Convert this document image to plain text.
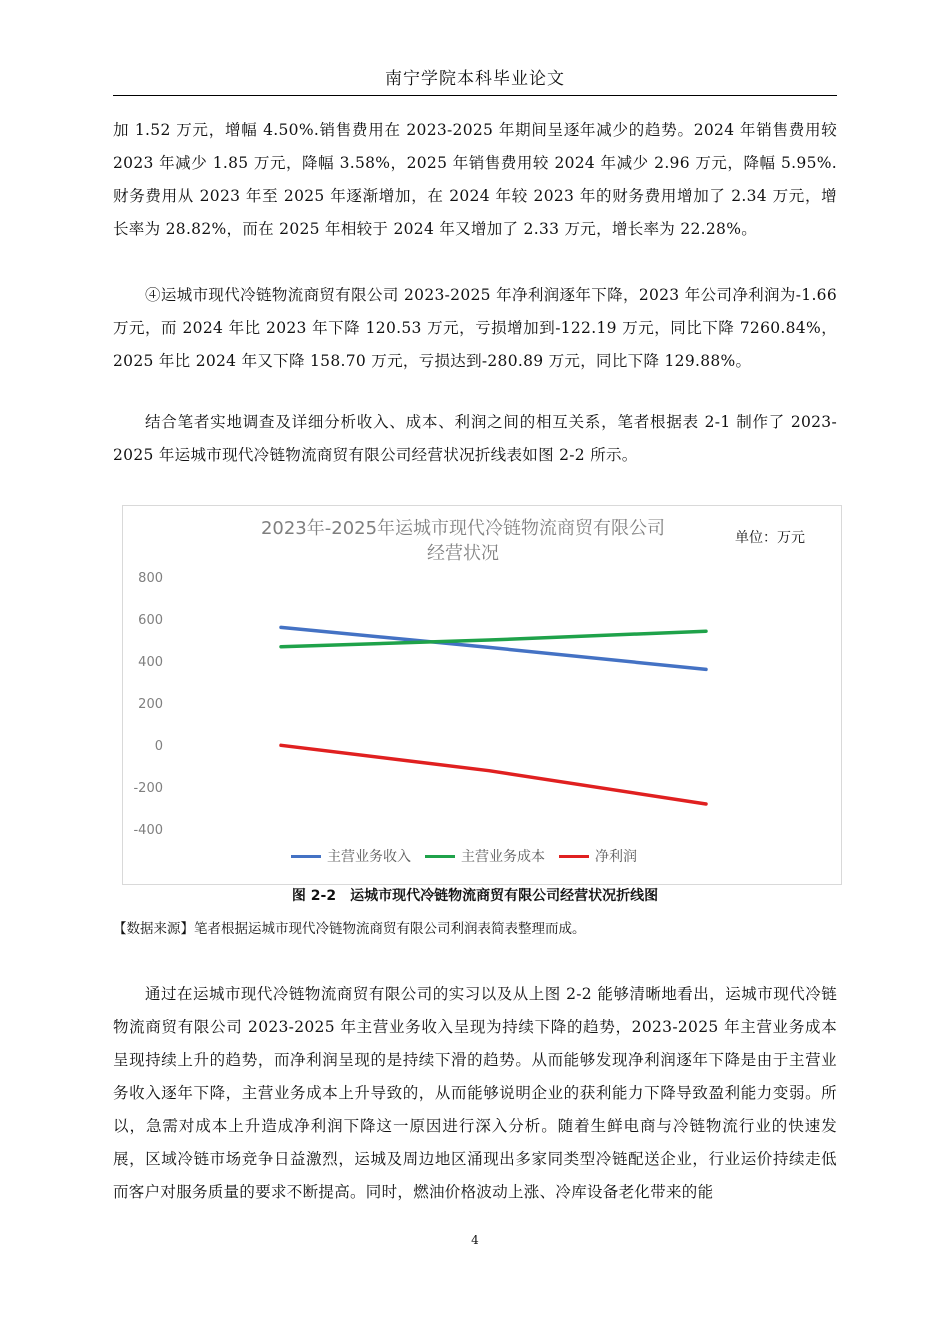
南宁学院本科毕业论文

加 1.52 万元，增幅 4.50%.销售费用在 2023-2025 年期间呈逐年减少的趋势。2024 年销售费用较 2023 年减少 1.85 万元，降幅 3.58%，2025 年销售费用较 2024 年减少 2.96 万元，降幅 5.95%.财务费用从 2023 年至 2025 年逐渐增加，在 2024 年较 2023 年的财务费用增加了 2.34 万元，增长率为 28.82%，而在 2025 年相较于 2024 年又增加了 2.33 万元，增长率为 22.28%。

④运城市现代冷链物流商贸有限公司 2023-2025 年净利润逐年下降，2023 年公司净利润为-1.66 万元，而 2024 年比 2023 年下降 120.53 万元，亏损增加到-122.19 万元，同比下降 7260.84%，2025 年比 2024 年又下降 158.70 万元，亏损达到-280.89 万元，同比下降 129.88%。

结合笔者实地调查及详细分析收入、成本、利润之间的相互关系，笔者根据表 2-1 制作了 2023-2025 年运城市现代冷链物流商贸有限公司经营状况折线表如图 2-2 所示。

800
600
400
200
0
-200
-400
2023年-2025年运城市现代冷链物流商贸有限公司
经营状况
单位：万元
主营业务收入	主营业务成本	净利润
图 2-2　运城市现代冷链物流商贸有限公司经营状况折线图
【数据来源】笔者根据运城市现代冷链物流商贸有限公司利润表简表整理而成。

通过在运城市现代冷链物流商贸有限公司的实习以及从上图 2-2 能够清晰地看出，运城市现代冷链物流商贸有限公司 2023-2025 年主营业务收入呈现为持续下降的趋势，2023-2025 年主营业务成本呈现持续上升的趋势，而净利润呈现的是持续下滑的趋势。从而能够发现净利润逐年下降是由于主营业务收入逐年下降，主营业务成本上升导致的，从而能够说明企业的获利能力下降导致盈利能力变弱。所以，急需对成本上升造成净利润下降这一原因进行深入分析。随着生鲜电商与冷链物流行业的快速发展，区域冷链市场竞争日益激烈，运城及周边地区涌现出多家同类型冷链配送企业，行业运价持续走低而客户对服务质量的要求不断提高。同时，燃油价格波动上涨、冷库设备老化带来的能

4
